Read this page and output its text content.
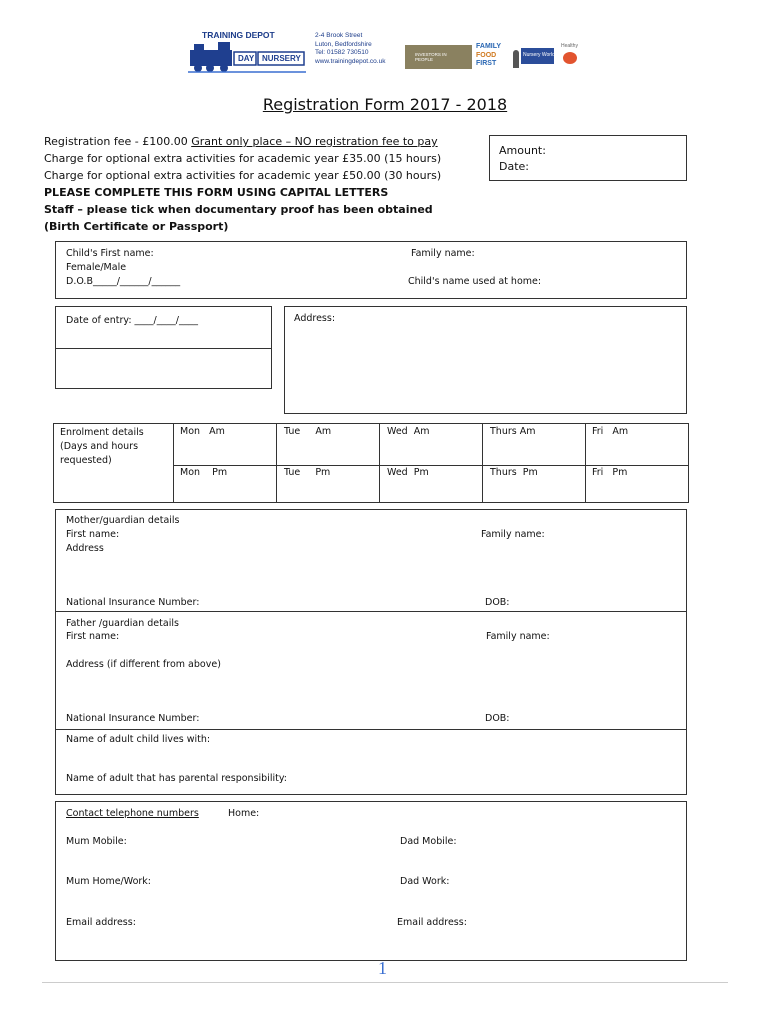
TRAINING DEPOT
DAY NURSERY
2-4 Brook Street
Luton, Bedfordshire
Tel: 01582 730510
www.trainingdepot.co.uk
INVESTORS IN PEOPLE
FAMILY
FOOD
FIRST
Nursery World
Healthy
Registration Form 2017 - 2018
Registration fee - £100.00 Grant only place – NO registration fee to pay
Charge for optional extra activities for academic year £35.00 (15 hours)
Charge for optional extra activities for academic year £50.00 (30 hours)
Amount:
Date:
PLEASE COMPLETE THIS FORM USING CAPITAL LETTERS
Staff – please tick when documentary proof has been obtained
(Birth Certificate or Passport)
Child's First name:	Family name:
Female/Male
D.O.B_____/______/______	Child's name used at home:
Date of entry: ____/____/____	Address:
Enrolment details
(Days and hours
requested)
Mon   Am	Tue     Am	Wed  Am	Thurs Am	Fri   Am
Mon    Pm	Tue     Pm	Wed  Pm	Thurs  Pm	Fri   Pm
Mother/guardian details
First name:	Family name:
Address
National Insurance Number:	DOB:
Father /guardian details
First name:	Family name:
Address (if different from above)
National Insurance Number:	DOB:
Name of adult child lives with:
Name of adult that has parental responsibility:
Contact telephone numbers	Home:
Mum Mobile:	Dad Mobile:
Mum Home/Work:	Dad Work:
Email address:	Email address:
1
